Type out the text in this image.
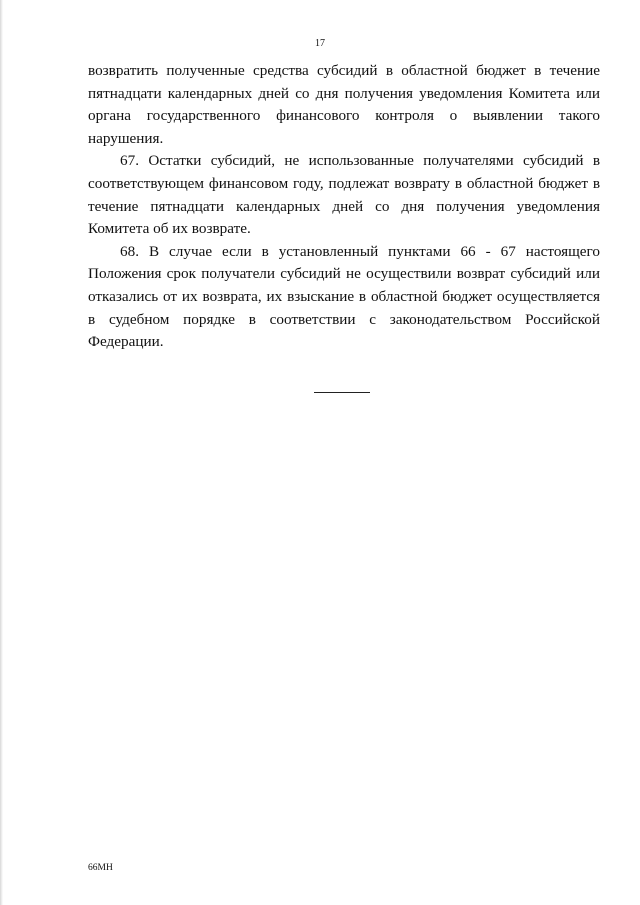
17

возвратить полученные средства субсидий в областной бюджет в течение пятнадцати календарных дней со дня получения уведомления Комитета или органа государственного финансового контроля о выявлении такого нарушения.

67. Остатки субсидий, не использованные получателями субсидий в соответствующем финансовом году, подлежат возврату в областной бюджет в течение пятнадцати календарных дней со дня получения уведомления Комитета об их возврате.

68. В случае если в установленный пунктами 66 - 67 настоящего Положения срок получатели субсидий не осуществили возврат субсидий или отказались от их возврата, их взыскание в областной бюджет осуществляется в судебном порядке в соответствии с законодательством Российской Федерации.

66МН
